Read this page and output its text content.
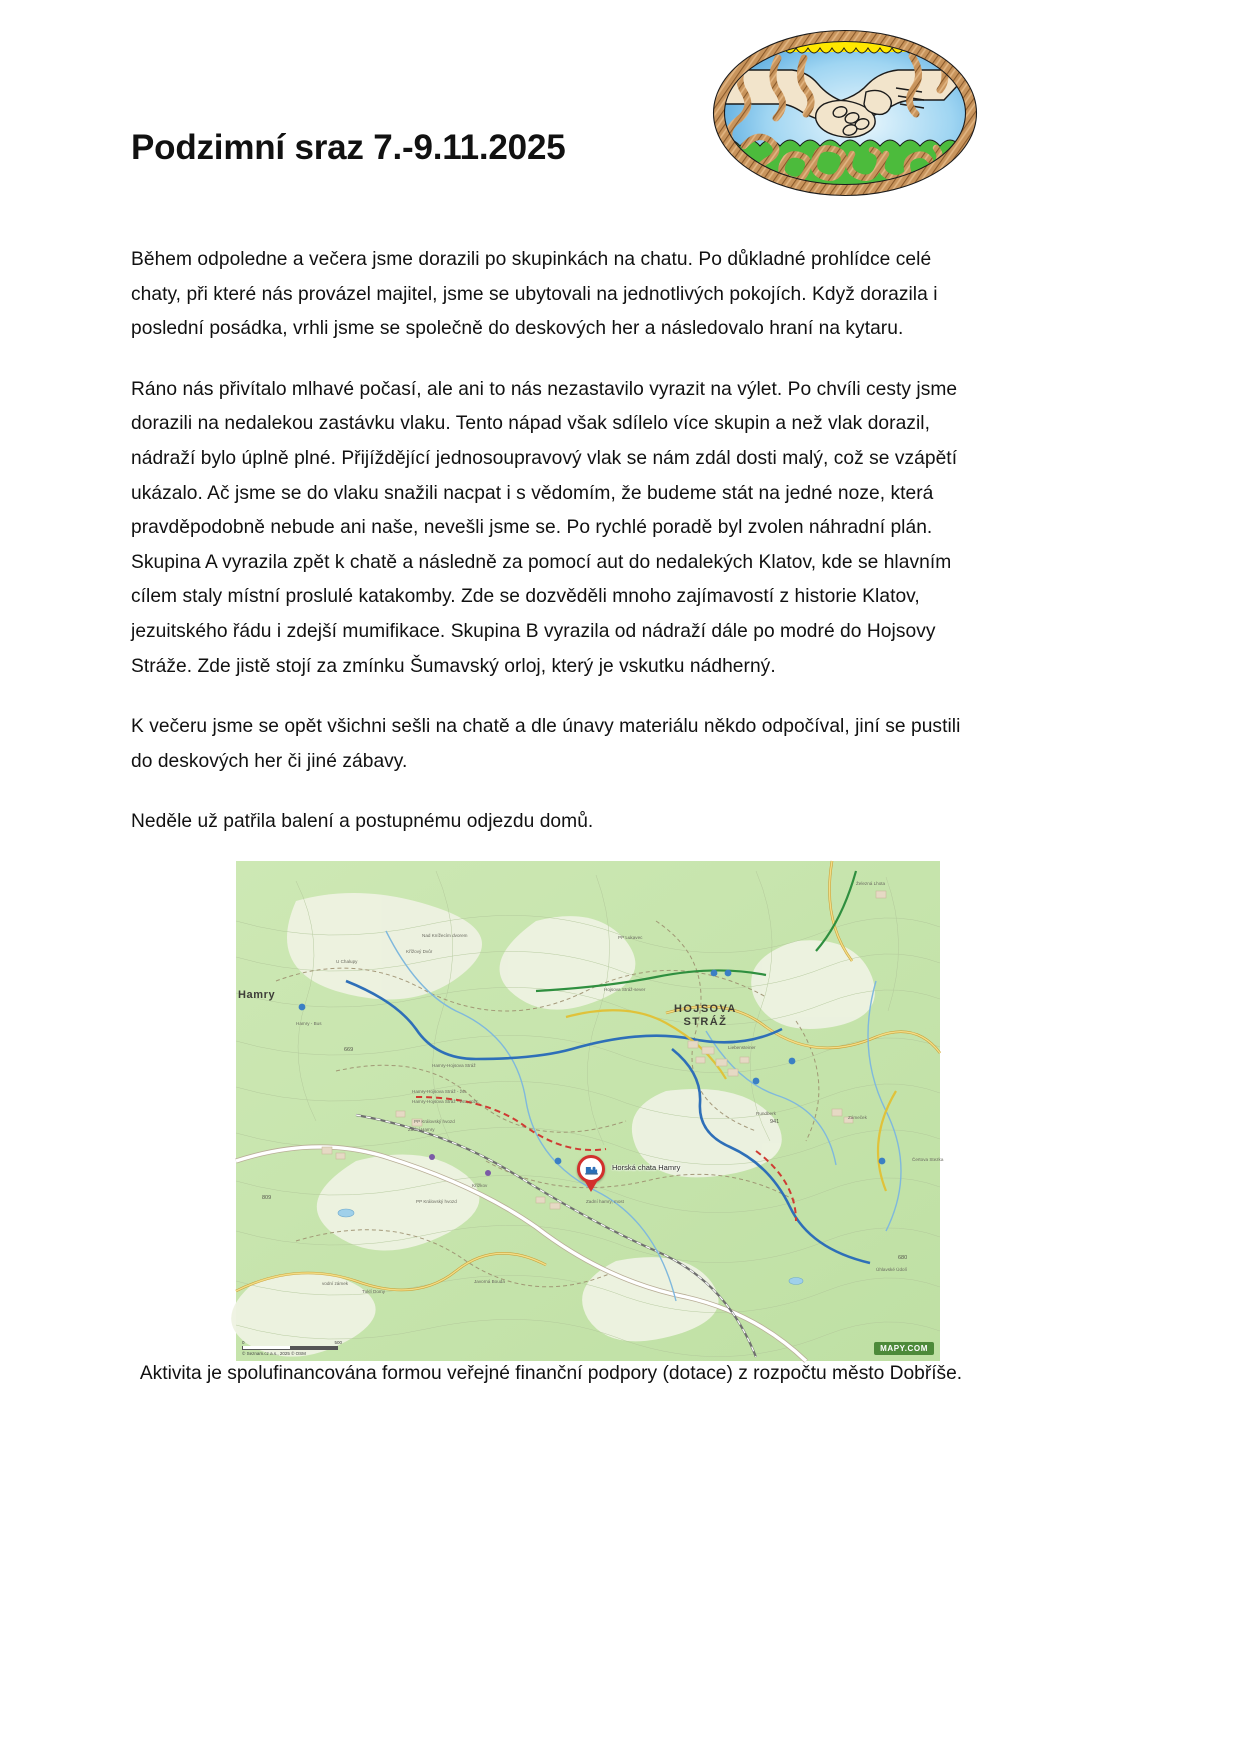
Podzimní sraz 7.-9.11.2025

Během odpoledne a večera jsme dorazili po skupinkách na chatu. Po důkladné prohlídce celé chaty, při které nás provázel majitel, jsme se ubytovali na jednotlivých pokojích. Když dorazila i poslední posádka, vrhli jsme se společně do deskových her a následovalo hraní na kytaru.

Ráno nás přivítalo mlhavé počasí, ale ani to nás nezastavilo vyrazit na výlet. Po chvíli cesty jsme dorazili na nedalekou zastávku vlaku. Tento nápad však sdílelo více skupin a než vlak dorazil, nádraží bylo úplně plné. Přijíždějící jednosoupravový vlak se nám zdál dosti malý, což se vzápětí ukázalo. Ač jsme se do vlaku snažili nacpat i s vědomím, že budeme stát na jedné noze, která pravděpodobně nebude ani naše, nevešli jsme se. Po rychlé poradě byl zvolen náhradní plán. Skupina A vyrazila zpět k chatě a následně za pomocí aut do nedalekých Klatov, kde se hlavním cílem staly místní proslulé katakomby. Zde se dozvěděli mnoho zajímavostí z historie Klatov, jezuitského řádu i zdejší mumifikace. Skupina B vyrazila od nádraží dále po modré do Hojsovy Stráže. Zde jistě stojí za zmínku Šumavský orloj, který je vskutku nádherný.

K večeru jsme se opět všichni sešli na chatě a dle únavy materiálu někdo odpočíval, jiní se pustili do deskových her či jiné zábavy.

Neděle už patřila balení a postupnému odjezdu domů.

HOJSOVA
STRÁŽ
Hamry
Horská chata Hamry
MAPY.COM
0	500
© Seznam.cz a.s., 2025 © OSM
Nad Knížecím dvorem
U Chalupy
Křížový Dvůr
PP Lukavec
Hamry - Bus
Hamry-Hojsova Stráž
Hamry-Hojsova Stráž - žst.
Hamry-Hojsova Stráž - žst., rozc.
PP Královský hvozd
Zadní Hamry
Zadní hamry, most
Křížkov
PP Královský hvozd
Javorná Bouda
Liebensteiner
Rundberk
Zámeček
Úhlavské Údolí
Železná Lhota
Hojsova Stráž-sever
vodní zámek
Tuklí Domy
Čertova Stezka
941
669
809
680
Aktivita je spolufinancována formou veřejné finanční podpory (dotace) z rozpočtu město Dobříše.
